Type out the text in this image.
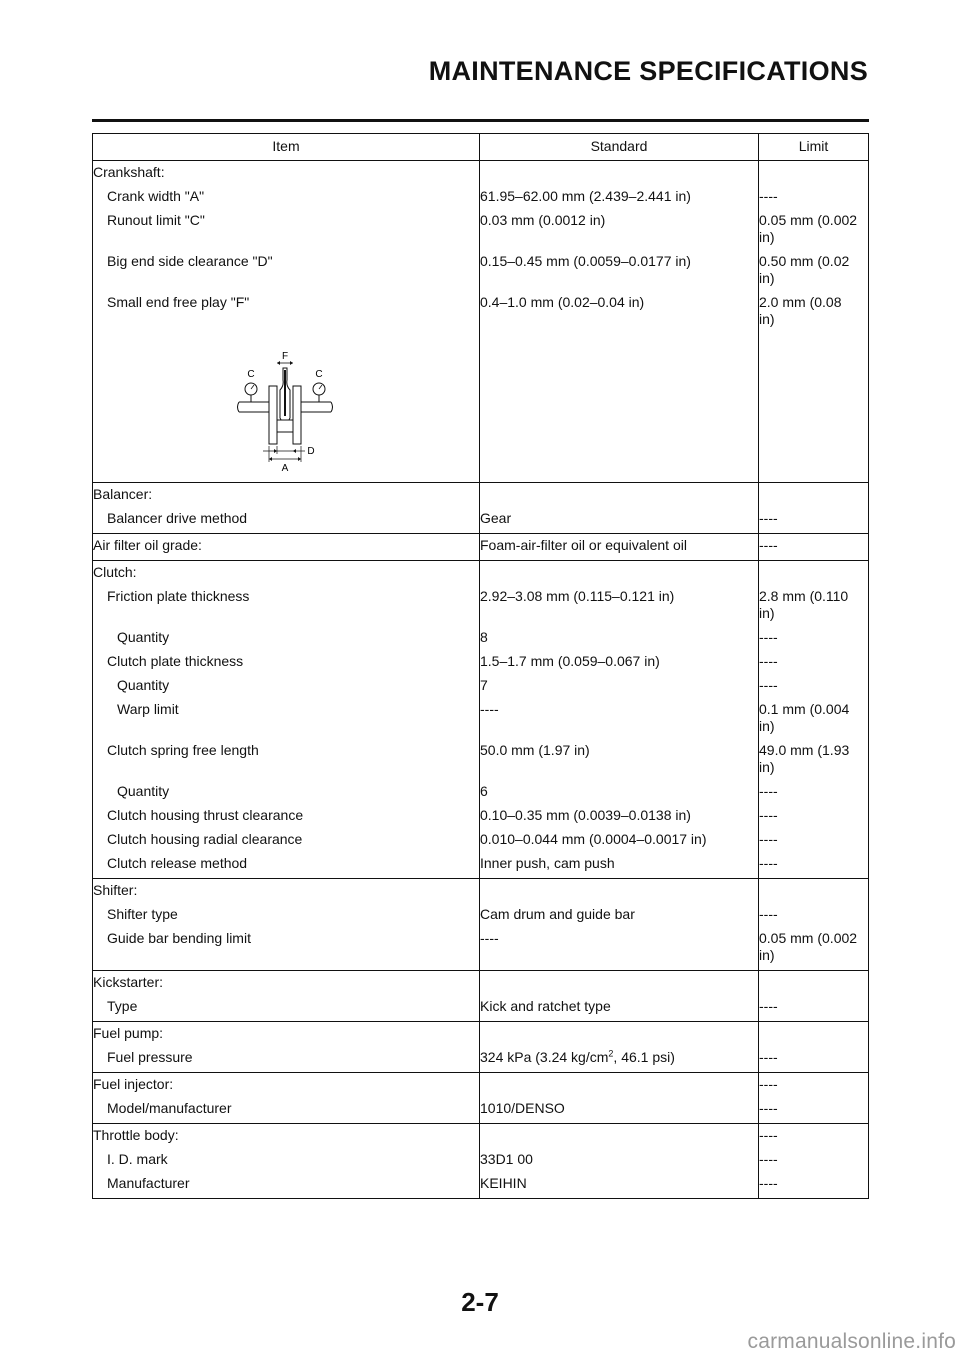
MAINTENANCE SPECIFICATIONS
Item	Standard	Limit
Crankshaft:		

Crank width "A"	61.95–62.00 mm (2.439–2.441 in)	----

Runout limit "C"	0.03 mm (0.0012 in)	0.05 mm (0.002
in)

Big end side clearance "D"	0.15–0.45 mm (0.0059–0.0177 in)	0.50 mm (0.02
in)

Small end free play "F"	0.4–1.0 mm (0.02–0.04 in)	2.0 mm (0.08
in)

F
C C
D
A		

Balancer:		

Balancer drive method	Gear	----
Air filter oil grade:	Foam-air-filter oil or equivalent oil	----
Clutch:		

Friction plate thickness	2.92–3.08 mm (0.115–0.121 in)	2.8 mm (0.110
in)

Quantity	8	----

Clutch plate thickness	1.5–1.7 mm (0.059–0.067 in)	----

Quantity	7	----

Warp limit	----	0.1 mm (0.004
in)

Clutch spring free length	50.0 mm (1.97 in)	49.0 mm (1.93
in)

Quantity	6	----

Clutch housing thrust clearance	0.10–0.35 mm (0.0039–0.0138 in)	----

Clutch housing radial clearance	0.010–0.044 mm (0.0004–0.0017 in)	----

Clutch release method	Inner push, cam push	----
Shifter:		

Shifter type	Cam drum and guide bar	----

Guide bar bending limit	----	0.05 mm (0.002
in)

Kickstarter:		

Type	Kick and ratchet type	----
Fuel pump:		

Fuel pressure	324 kPa (3.24 $kg/cm^2$, 46.1 psi)	----
Fuel injector:		----

Model/manufacturer	1010/DENSO	----
Throttle body:		----

I. D. mark	33D1 00	----

Manufacturer	KEIHIN	----
2-7
carmanualsonline.info
